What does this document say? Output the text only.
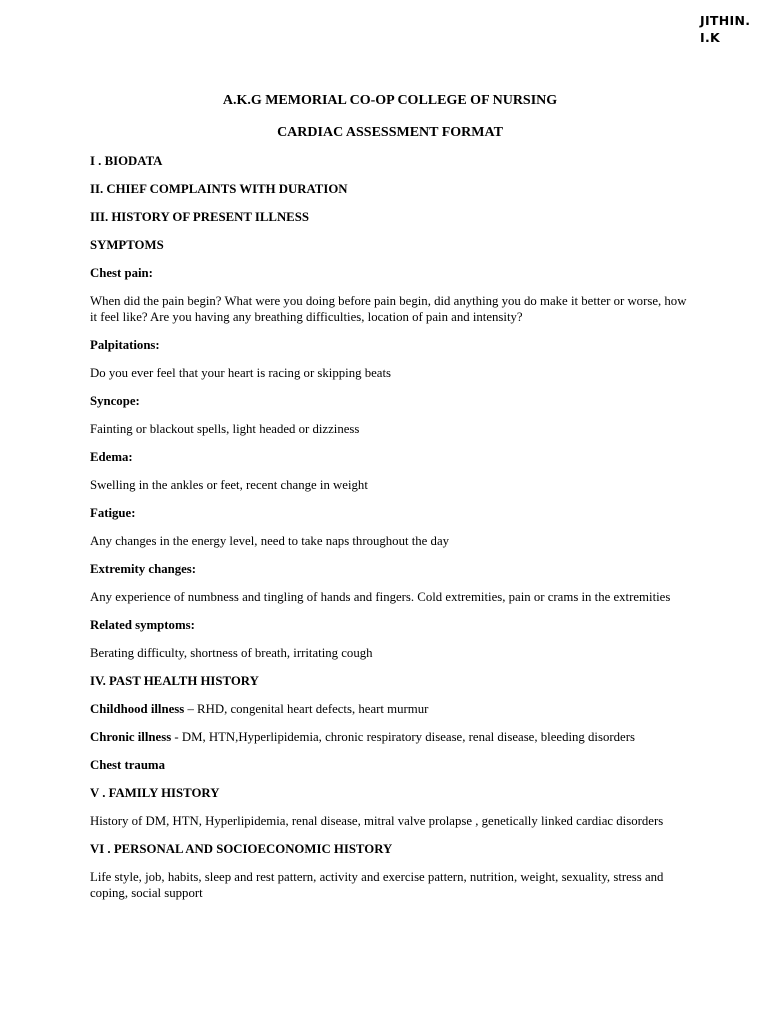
JITHIN.
I.K
A.K.G MEMORIAL CO-OP COLLEGE OF NURSING
CARDIAC ASSESSMENT FORMAT
I . BIODATA
II. CHIEF COMPLAINTS WITH DURATION
III. HISTORY OF PRESENT ILLNESS
SYMPTOMS
Chest pain:
When did the pain begin? What were you doing before pain begin, did anything you do make it better or worse, how it feel like? Are you having any breathing difficulties, location of pain and intensity?
Palpitations:
Do you ever feel that your heart is racing or skipping beats
Syncope:
Fainting or blackout spells, light headed or dizziness
Edema:
Swelling in the ankles or feet, recent change in weight
Fatigue:
Any changes in the energy level, need to take naps throughout the day
Extremity changes:
Any experience of numbness and tingling of hands and fingers. Cold extremities, pain or crams in the extremities
Related symptoms:
Berating difficulty, shortness of breath, irritating cough
IV. PAST HEALTH HISTORY
Childhood illness – RHD, congenital heart defects, heart murmur
Chronic illness - DM, HTN,Hyperlipidemia, chronic respiratory disease, renal disease, bleeding disorders
Chest trauma
V . FAMILY HISTORY
History of DM, HTN, Hyperlipidemia, renal disease, mitral valve prolapse , genetically linked cardiac disorders
VI . PERSONAL AND SOCIOECONOMIC HISTORY
Life style, job, habits, sleep and rest pattern, activity and exercise pattern, nutrition, weight, sexuality, stress and coping, social support
